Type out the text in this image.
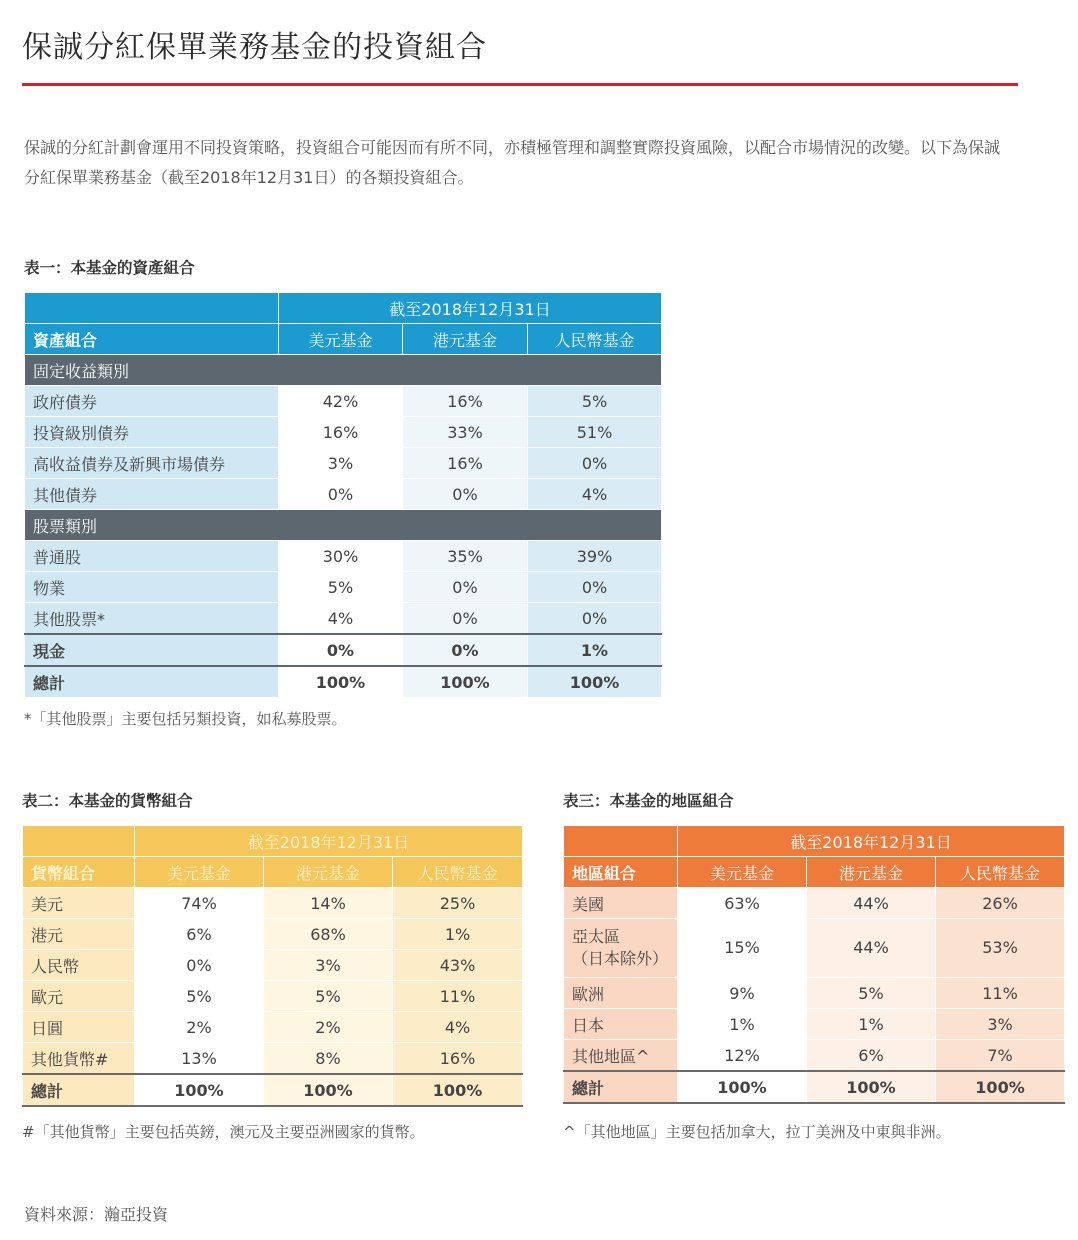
保誠分紅保單業務基金的投資組合
保誠的分紅計劃會運用不同投資策略，投資組合可能因而有所不同，亦積極管理和調整實際投資風險，以配合市場情況的改變。以下為保誠分紅保單業務基金（截至2018年12月31日）的各類投資組合。
表一：本基金的資產組合
	截至2018年12月31日		
資產組合	美元基金	港元基金	人民幣基金
固定收益類別			
政府債券	42%	16%	5%
投資級別債券	16%	33%	51%
高收益債券及新興市場債券	3%	16%	0%
其他債券	0%	0%	4%
股票類別			
普通股	30%	35%	39%
物業	5%	0%	0%
其他股票*	4%	0%	0%
現金	0%	0%	1%
總計	100%	100%	100%
*「其他股票」主要包括另類投資，如私募股票。
表二：本基金的貨幣組合
	截至2018年12月31日		
貨幣組合	美元基金	港元基金	人民幣基金
美元	74%	14%	25%
港元	6%	68%	1%
人民幣	0%	3%	43%
歐元	5%	5%	11%
日圓	2%	2%	4%
其他貨幣#	13%	8%	16%
總計	100%	100%	100%
#「其他貨幣」主要包括英鎊，澳元及主要亞洲國家的貨幣。
表三：本基金的地區組合
	截至2018年12月31日		
地區組合	美元基金	港元基金	人民幣基金
美國	63%	44%	26%
亞太區
（日本除外）	15%	44%	53%
歐洲	9%	5%	11%
日本	1%	1%	3%
其他地區^	12%	6%	7%
總計	100%	100%	100%
^「其他地區」主要包括加拿大，拉丁美洲及中東與非洲。
資料來源：瀚亞投資
